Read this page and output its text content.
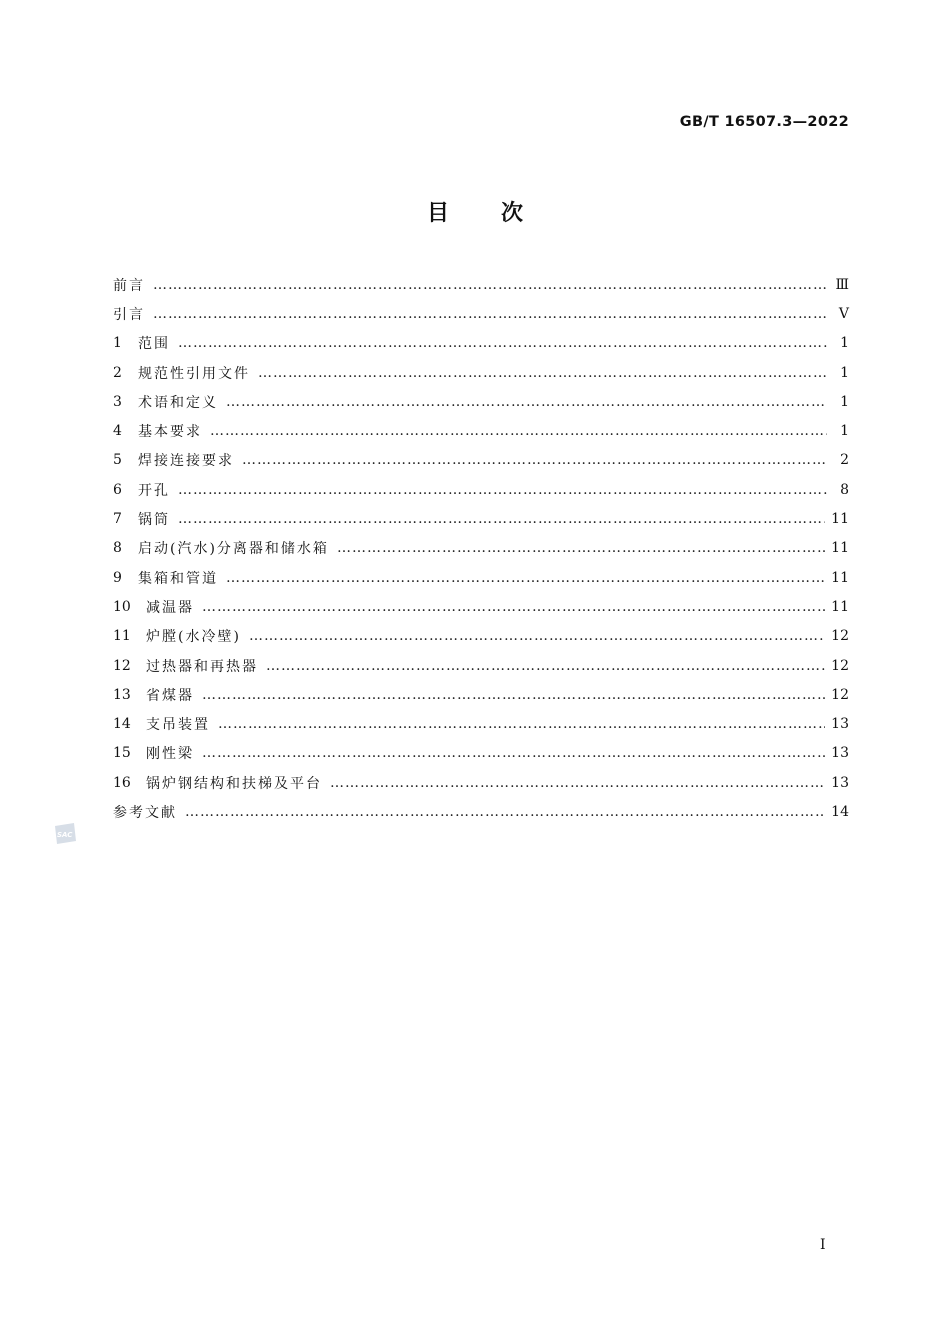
GB/T 16507.3—2022
目次
前言 ………………………………………………………………………………………………………………………………………………………………………………………………………………	Ⅲ
引言 ………………………………………………………………………………………………………………………………………………………………………………………………………………	Ⅴ
1	范围 ………………………………………………………………………………………………………………………………………………………………………………………………………………	1
2	规范性引用文件 ………………………………………………………………………………………………………………………………………………………………………………………………………………	1
3	术语和定义 ………………………………………………………………………………………………………………………………………………………………………………………………………………	1
4	基本要求 ………………………………………………………………………………………………………………………………………………………………………………………………………………	1
5	焊接连接要求 ………………………………………………………………………………………………………………………………………………………………………………………………………………	2
6	开孔 ………………………………………………………………………………………………………………………………………………………………………………………………………………	8
7	锅筒 ………………………………………………………………………………………………………………………………………………………………………………………………………………	11
8	启动(汽水)分离器和储水箱 ………………………………………………………………………………………………………………………………………………………………………………………………………………	11
9	集箱和管道 ………………………………………………………………………………………………………………………………………………………………………………………………………………	11
10	减温器 ………………………………………………………………………………………………………………………………………………………………………………………………………………	11
11	炉膛(水冷壁) ………………………………………………………………………………………………………………………………………………………………………………………………………………	12
12	过热器和再热器 ………………………………………………………………………………………………………………………………………………………………………………………………………………	12
13	省煤器 ………………………………………………………………………………………………………………………………………………………………………………………………………………	12
14	支吊装置 ………………………………………………………………………………………………………………………………………………………………………………………………………………	13
15	刚性梁 ………………………………………………………………………………………………………………………………………………………………………………………………………………	13
16	锅炉钢结构和扶梯及平台 ………………………………………………………………………………………………………………………………………………………………………………………………………………	13
参考文献 ………………………………………………………………………………………………………………………………………………………………………………………………………………	14
SAC
I
